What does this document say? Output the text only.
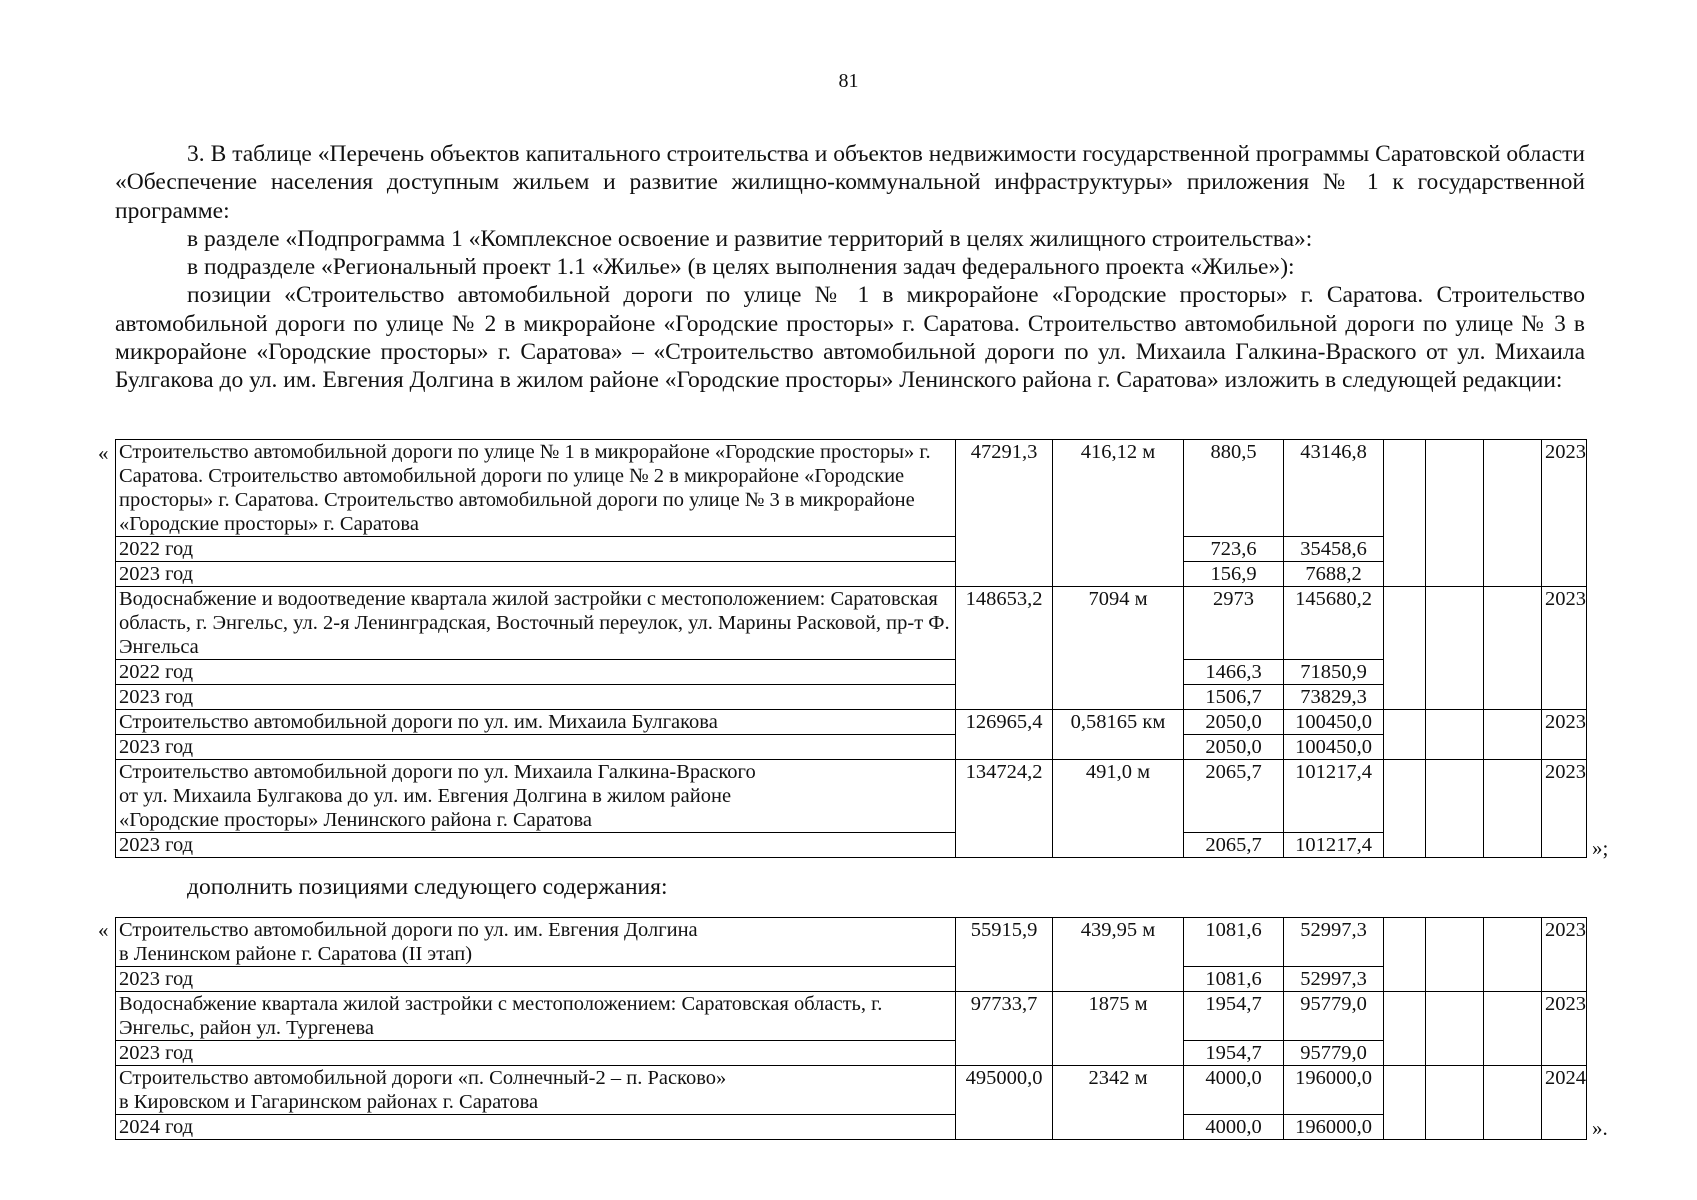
81

3. В таблице «Перечень объектов капитального строительства и объектов недвижимости государственной программы Саратовской области «Обеспечение населения доступным жильем и развитие жилищно-коммунальной инфраструктуры» приложения № 1 к государственной программе:

в разделе «Подпрограмма 1 «Комплексное освоение и развитие территорий в целях жилищного строительства»:

в подразделе «Региональный проект 1.1 «Жилье» (в целях выполнения задач федерального проекта «Жилье»):

позиции «Строительство автомобильной дороги по улице № 1 в микрорайоне «Городские просторы» г. Саратова. Строительство автомобильной дороги по улице № 2 в микрорайоне «Городские просторы» г. Саратова. Строительство автомобильной дороги по улице № 3 в микрорайоне «Городские просторы» г. Саратова» – «Строительство автомобильной дороги по ул. Михаила Галкина-Враского от ул. Михаила Булгакова до ул. им. Евгения Долгина в жилом районе «Городские просторы» Ленинского района г. Саратова» изложить в следующей редакции:

« Строительство автомобильной дороги по улице № 1 в микрорайоне «Городские просторы» г. Саратова. Строительство автомобильной дороги по улице № 2 в микрорайоне «Городские просторы» г. Саратова. Строительство автомобильной дороги по улице № 3 в микрорайоне «Городские просторы» г. Саратова	47291,3	416,12 м	880,5	43146,8				2023
2022 год			723,6	35458,6				
2023 год			156,9	7688,2				
Водоснабжение и водоотведение квартала жилой застройки с местоположением: Саратовская область, г. Энгельс, ул. 2-я Ленинградская, Восточный переулок, ул. Марины Расковой, пр-т Ф. Энгельса	148653,2	7094 м	2973	145680,2				2023
2022 год			1466,3	71850,9				
2023 год			1506,7	73829,3				
Строительство автомобильной дороги по ул. им. Михаила Булгакова	126965,4	0,58165 км	2050,0	100450,0				2023
2023 год			2050,0	100450,0				
Строительство автомобильной дороги по ул. Михаила Галкина-Враского
от ул. Михаила Булгакова до ул. им. Евгения Долгина в жилом районе
«Городские просторы» Ленинского района г. Саратова	134724,2	491,0 м	2065,7	101217,4				2023
2023 год			2065,7	101217,4					»;
дополнить позициями следующего содержания:
« Строительство автомобильной дороги по ул. им. Евгения Долгина
в Ленинском районе г. Саратова (II этап)	55915,9	439,95 м	1081,6	52997,3				2023
2023 год			1081,6	52997,3				
Водоснабжение квартала жилой застройки с местоположением: Саратовская область, г. Энгельс, район ул. Тургенева	97733,7	1875 м	1954,7	95779,0				2023
2023 год			1954,7	95779,0				
Строительство автомобильной дороги «п. Солнечный-2 – п. Расково»
в Кировском и Гагаринском районах г. Саратова	495000,0	2342 м	4000,0	196000,0				2024
2024 год			4000,0	196000,0					».
